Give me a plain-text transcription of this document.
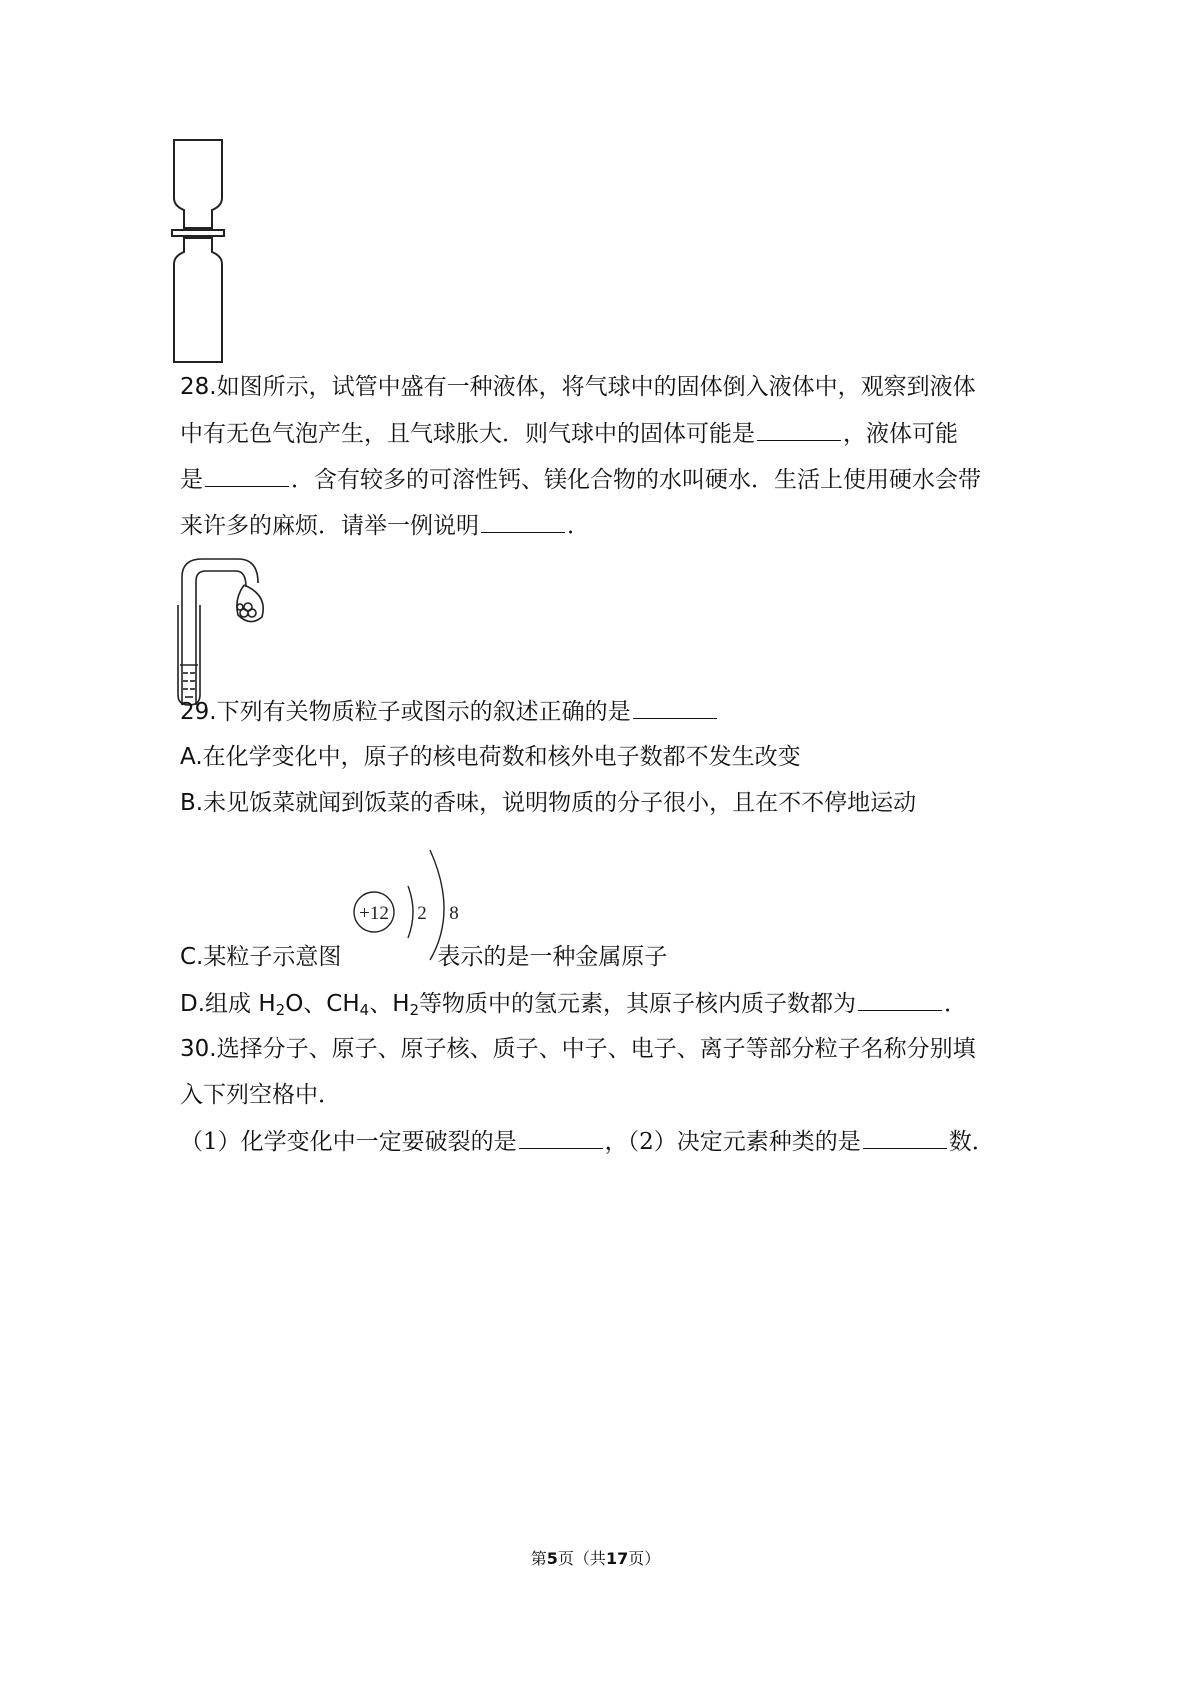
28.如图所示，试管中盛有一种液体，将气球中的固体倒入液体中，观察到液体
中有无色气泡产生，且气球胀大．则气球中的固体可能是	，液体可能
是	．含有较多的可溶性钙、镁化合物的水叫硬水．生活上使用硬水会带
来许多的麻烦．请举一例说明	．
29.下列有关物质粒子或图示的叙述正确的是
A.在化学变化中，原子的核电荷数和核外电子数都不发生改变
B.未见饭菜就闻到饭菜的香味，说明物质的分子很小，且在不不停地运动
+12 2 8
C.某粒子示意图	表示的是一种金属原子
D.组成 $H_2O$、$CH_4$、$H_2$等物质中的氢元素，其原子核内质子数都为	．
30.选择分子、原子、原子核、质子、中子、电子、离子等部分粒子名称分别填
入下列空格中．
（1）化学变化中一定要破裂的是	，（2）决定元素种类的是	数．
第5页（共17页）
